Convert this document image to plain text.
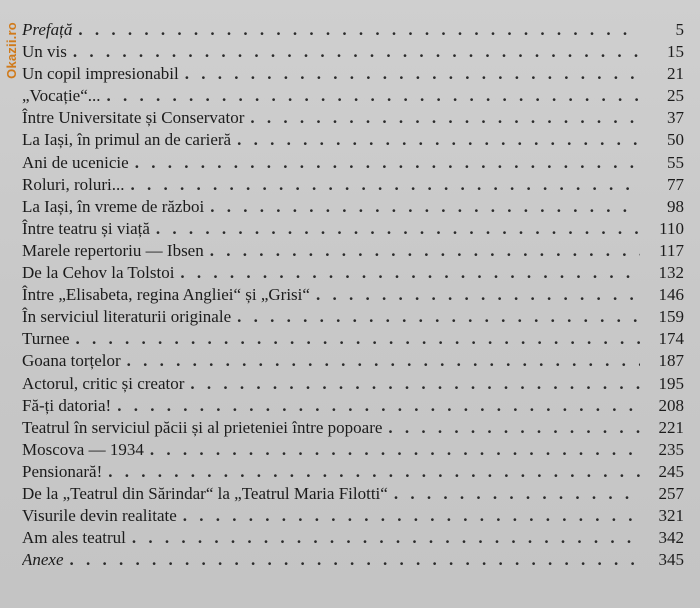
Okazii.ro Prefață . . .	5
Un vis . . .	15
Un copil impresionabil . . .	21
„Vocație“... . . .	25
Între Universitate și Conservator . . .	37
La Iași, în primul an de carieră . . .	50
Ani de ucenicie . . .	55
Roluri, roluri... . . .	77
La Iași, în vreme de război . . .	98
Între teatru și viață . . .	110
Marele repertoriu — Ibsen . . .	117
De la Cehov la Tolstoi . . .	132
Între „Elisabeta, regina Angliei“ și „Grisi“ . . .	146
În serviciul literaturii originale . . .	159
Turnee . . .	174
Goana torțelor . . .	187
Actorul, critic și creator . . .	195
Fă-ți datoria! . . .	208
Teatrul în serviciul păcii și al prieteniei între popoare . . .	221
Moscova — 1934 . . .	235
Pensionară! . . .	245
De la „Teatrul din Sărindar“ la „Teatrul Maria Filotti“ . . .	257
Visurile devin realitate . . .	321
Am ales teatrul . . .	342
Anexe . . .	345
